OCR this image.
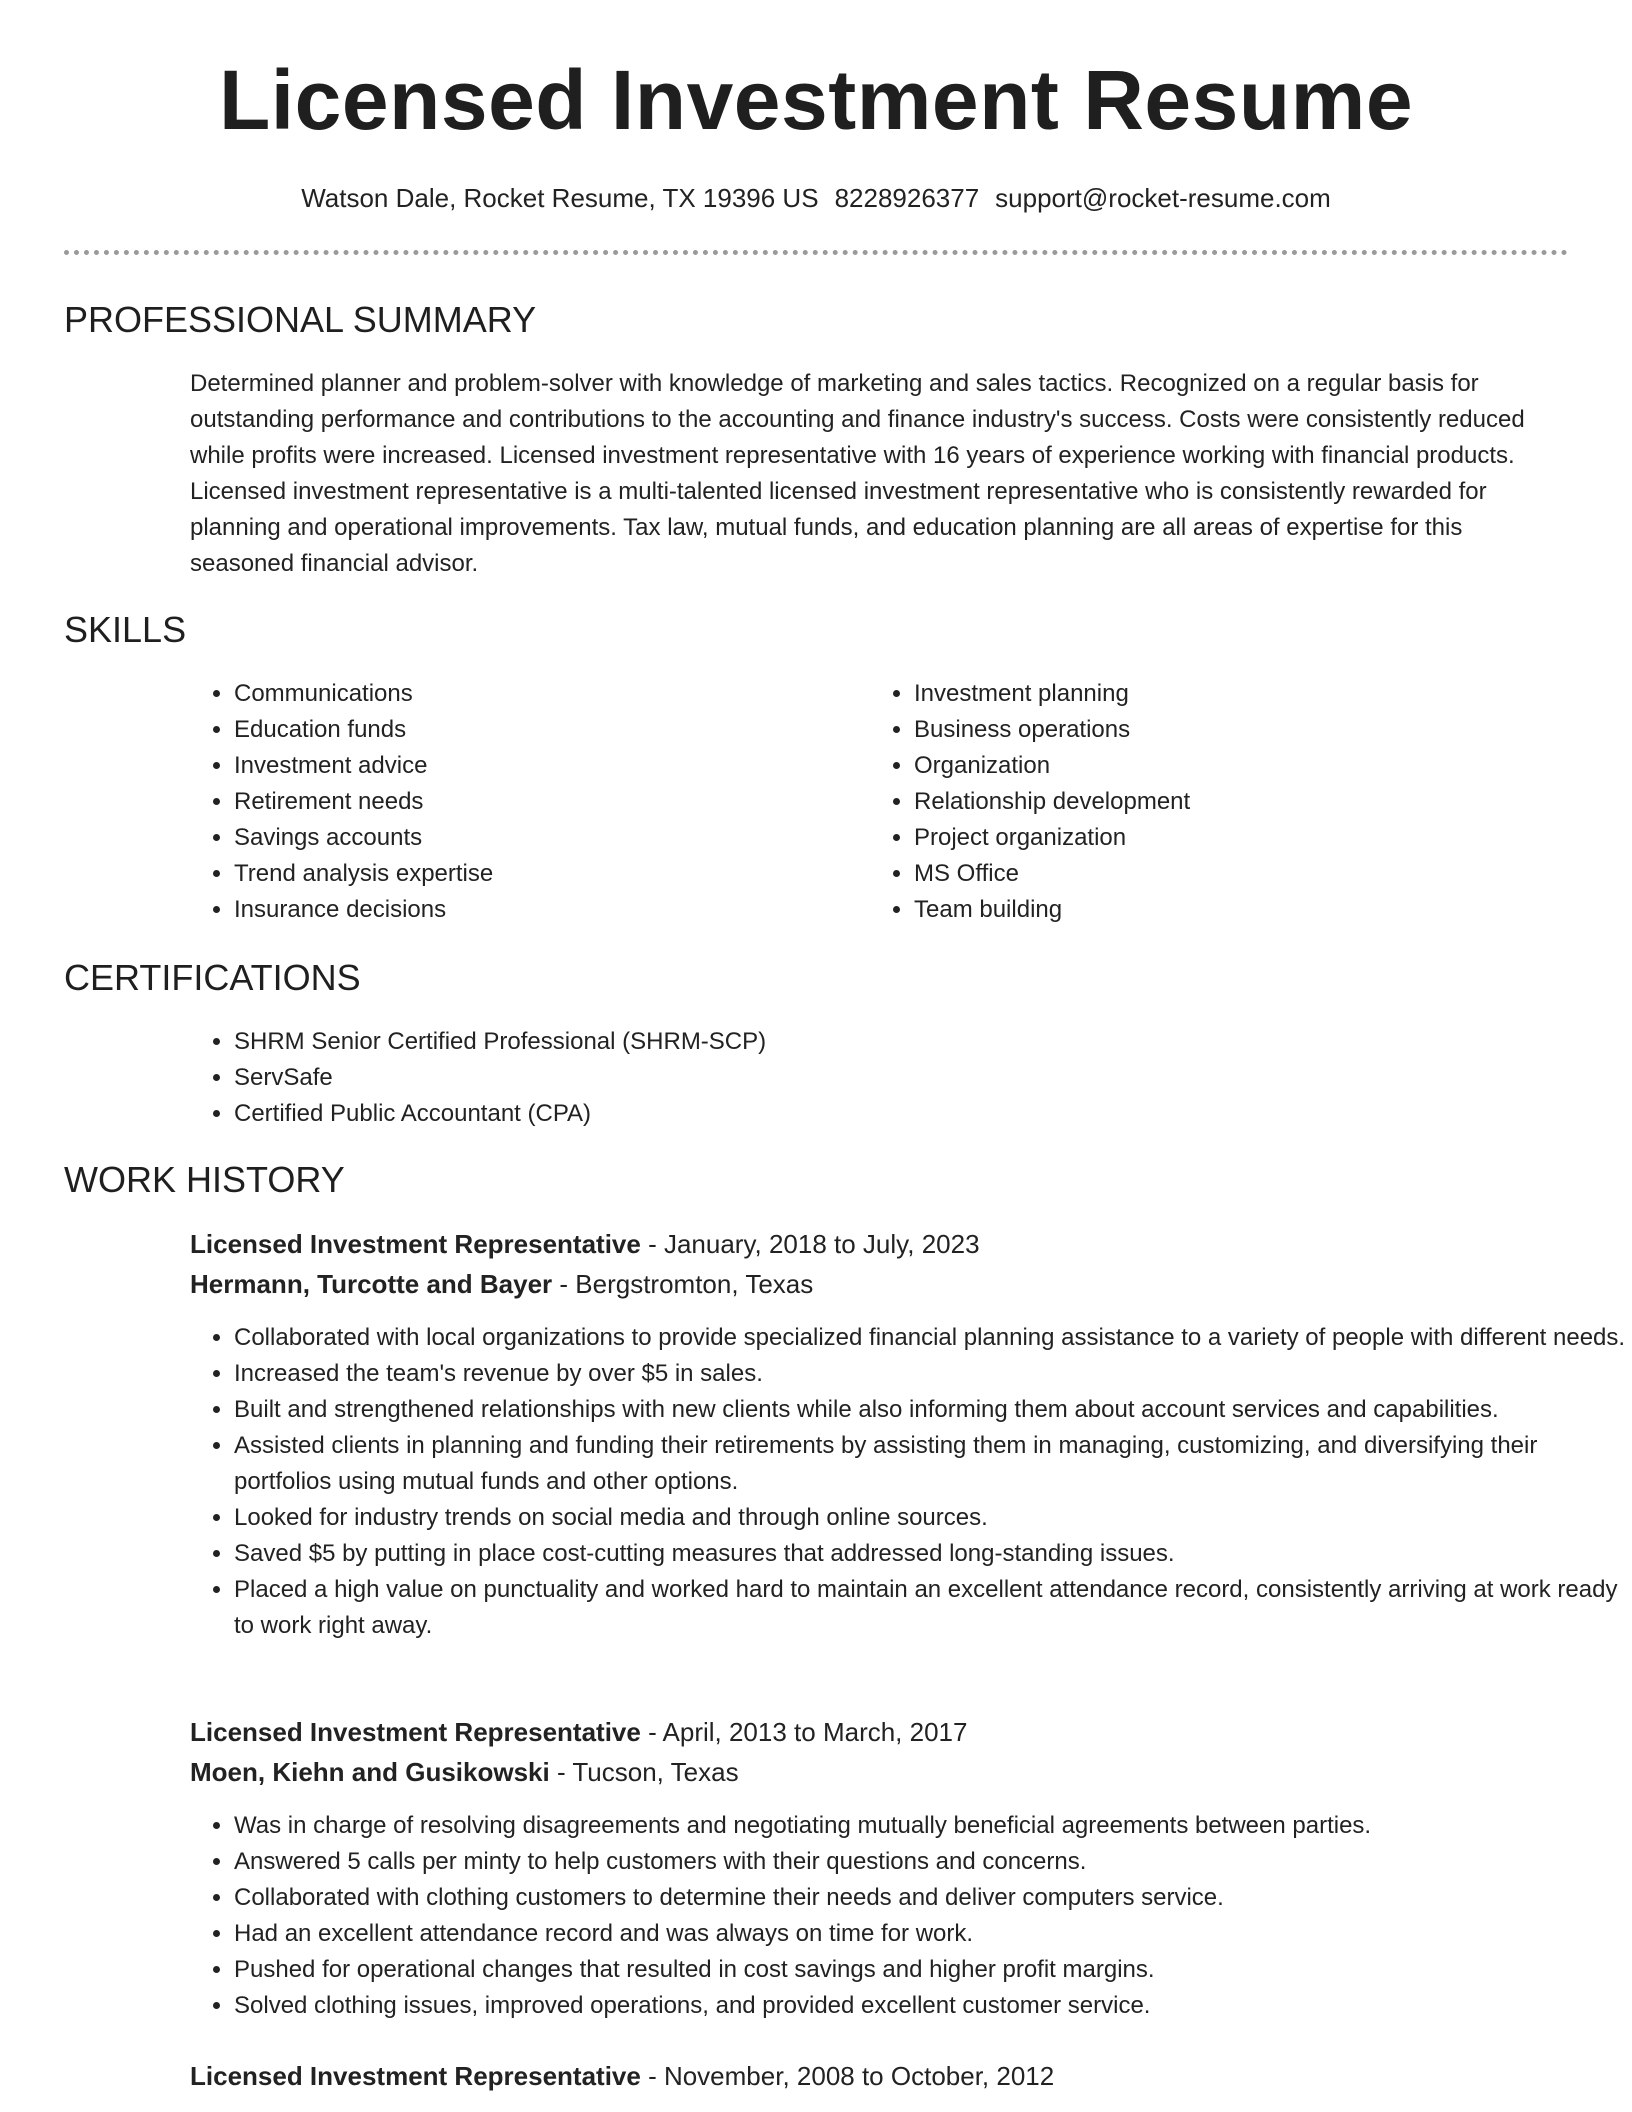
Licensed Investment Resume
Watson Dale, Rocket Resume, TX 19396 US 8228926377 support@rocket-resume.com
PROFESSIONAL SUMMARY

Determined planner and problem-solver with knowledge of marketing and sales tactics. Recognized on a regular basis for outstanding performance and contributions to the accounting and finance industry's success. Costs were consistently reduced while profits were increased. Licensed investment representative with 16 years of experience working with financial products. Licensed investment representative is a multi-talented licensed investment representative who is consistently rewarded for planning and operational improvements. Tax law, mutual funds, and education planning are all areas of expertise for this seasoned financial advisor.

SKILLS
• Communications
• Education funds
• Investment advice
• Retirement needs
• Savings accounts
• Trend analysis expertise
• Insurance decisions
• Investment planning
• Business operations
• Organization
• Relationship development
• Project organization
• MS Office
• Team building
CERTIFICATIONS
• SHRM Senior Certified Professional (SHRM-SCP)
• ServSafe
• Certified Public Accountant (CPA)
WORK HISTORY

Licensed Investment Representative - January, 2018 to July, 2023

Hermann, Turcotte and Bayer - Bergstromton, Texas

• Collaborated with local organizations to provide specialized financial planning assistance to a variety of people with different needs.
• Increased the team's revenue by over $5 in sales.
• Built and strengthened relationships with new clients while also informing them about account services and capabilities.
• Assisted clients in planning and funding their retirements by assisting them in managing, customizing, and diversifying their portfolios using mutual funds and other options.
• Looked for industry trends on social media and through online sources.
• Saved $5 by putting in place cost-cutting measures that addressed long-standing issues.
• Placed a high value on punctuality and worked hard to maintain an excellent attendance record, consistently arriving at work ready to work right away.

Licensed Investment Representative - April, 2013 to March, 2017

Moen, Kiehn and Gusikowski - Tucson, Texas

• Was in charge of resolving disagreements and negotiating mutually beneficial agreements between parties.
• Answered 5 calls per minty to help customers with their questions and concerns.
• Collaborated with clothing customers to determine their needs and deliver computers service.
• Had an excellent attendance record and was always on time for work.
• Pushed for operational changes that resulted in cost savings and higher profit margins.
• Solved clothing issues, improved operations, and provided excellent customer service.

Licensed Investment Representative - November, 2008 to October, 2012
